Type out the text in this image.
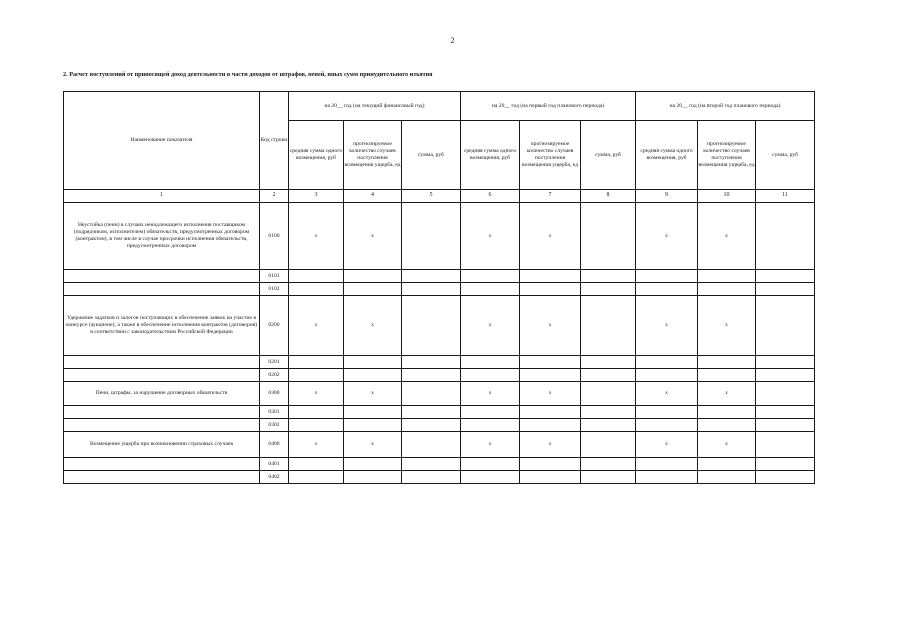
2
2. Расчет поступлений от приносящей доход деятельности в части доходов от штрафов, пеней, иных сумм принудительного изъятия
Наименование показателя	Код строки	на 20__ год (на текущий финансовый год)			на 20__ год (на первый год планового периода)			на 20__ год (на второй год планового периода)		
		средняя сумма одного возмещения, руб	прогнозируемое количество случаев поступления возмещения ущерба, ед	сумма, руб	средняя сумма одного возмещения, руб	прогнозируемое количество случаев поступления возмещения ущерба, ед	сумма, руб	средняя сумма одного возмещения, руб	прогнозируемое количество случаев поступления возмещения ущерба, ед	сумма, руб
1	2	3	4	5	6	7	8	9	10	11
Неустойка (пени) в случаях ненадлежащего исполнения поставщиком (подрядчиком, исполнителем) обязательств, предусмотренных договором (контрактом), в том числе в случае просрочки исполнения обязательств, предусмотренных договором	0100	x	x		x	x		x	x	
	0101									
	0102									
Удержание задатков и залогов поступающих в обеспечение заявок на участие в конкурсе (аукционе), а также в обеспечение исполнения контрактов (договоров) в соответствии с законодательством Российской Федерации	0200	x	x		x	x		x	x	
	0201									
	0202									
Пени, штрафы, за нарушение договорных обязательств	0300	x	x		x	x		x	x	
	0301									
	0302									
Возмещение ущерба при возникновении страховых случаев	0400	x	x		x	x		x	x	
	0401									
	0402									
